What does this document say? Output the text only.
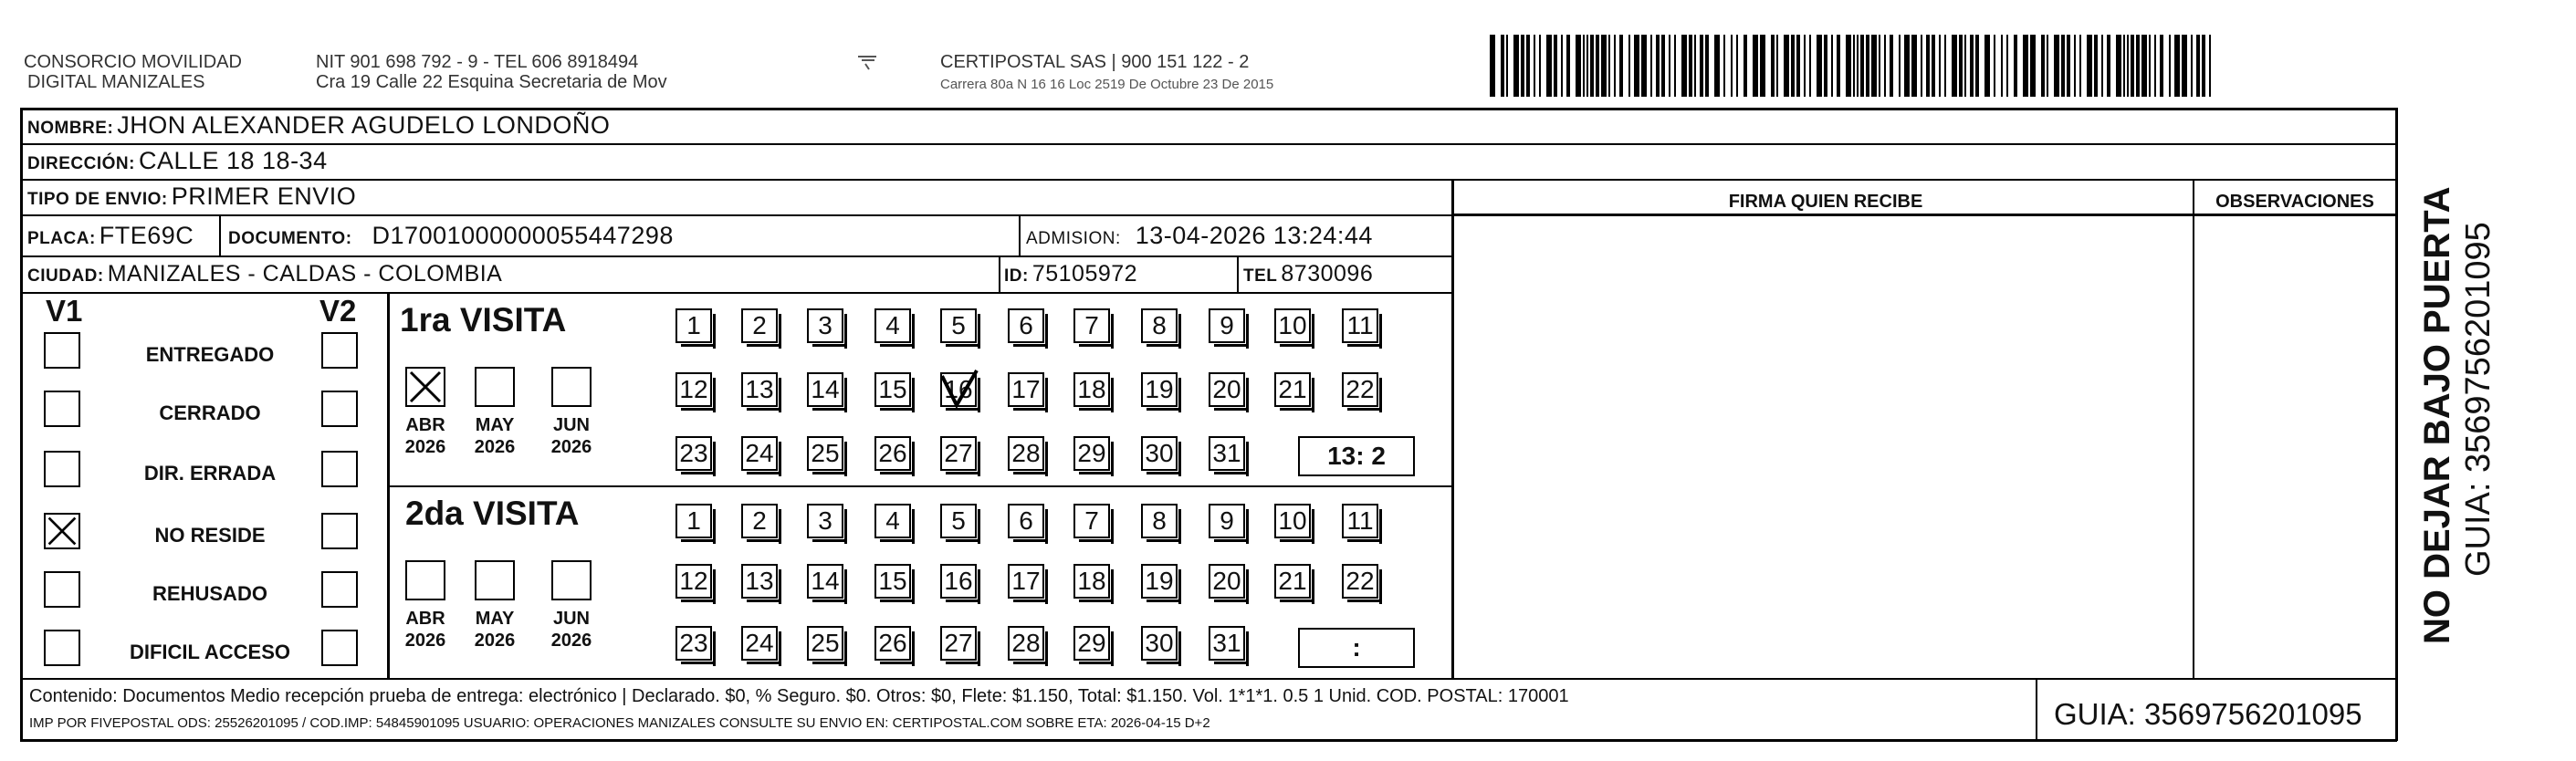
CONSORCIO MOVILIDAD
DIGITAL MANIZALES
NIT 901 698 792 - 9 - TEL 606 8918494
Cra 19 Calle 22 Esquina Secretaria de Mov
CERTIPOSTAL SAS | 900 151 122 - 2
Carrera 80a N 16 16 Loc 2519 De Octubre 23 De 2015
NOMBRE: JHON ALEXANDER AGUDELO LONDOÑO
DIRECCIÓN: CALLE 18 18-34
TIPO DE ENVIO: PRIMER ENVIO
PLACA: FTE69C DOCUMENTO: D17001000000055447298	ADMISION: 13-04-2026 13:24:44
CIUDAD: MANIZALES - CALDAS - COLOMBIA	ID: 75105972	TEL 8730096
FIRMA QUIEN RECIBE	OBSERVACIONES
V1	V2 1ra VISITA
13: 2
2da VISITA
:
NO DEJAR BAJO PUERTA GUIA: 3569756201095
Contenido: Documentos Medio recepción prueba de entrega: electrónico | Declarado. $0, % Seguro. $0. Otros: $0, Flete: $1.150, Total: $1.150. Vol. 1*1*1. 0.5 1 Unid. COD. POSTAL: 170001
IMP POR FIVEPOSTAL ODS: 25526201095 / COD.IMP: 54845901095 USUARIO: OPERACIONES MANIZALES CONSULTE SU ENVIO EN: CERTIPOSTAL.COM SOBRE ETA: 2026-04-15 D+2	GUIA: 3569756201095
ENTREGADO
CERRADO
DIR. ERRADA
NO RESIDE
REHUSADO
DIFICIL ACCESO
ABR
2026
MAY
2026
JUN
2026
ABR
2026
MAY
2026
JUN
2026
1	2	3	4	5	6	7	8	9	10 11
12 13 14 15 16 17 18 19 20 21 22
23 24 25 26 27 28 29 30 31
1	2	3	4	5	6	7	8	9	10 11
12 13 14 15 16 17 18 19 20 21 22
23 24 25 26 27 28 29 30 31
